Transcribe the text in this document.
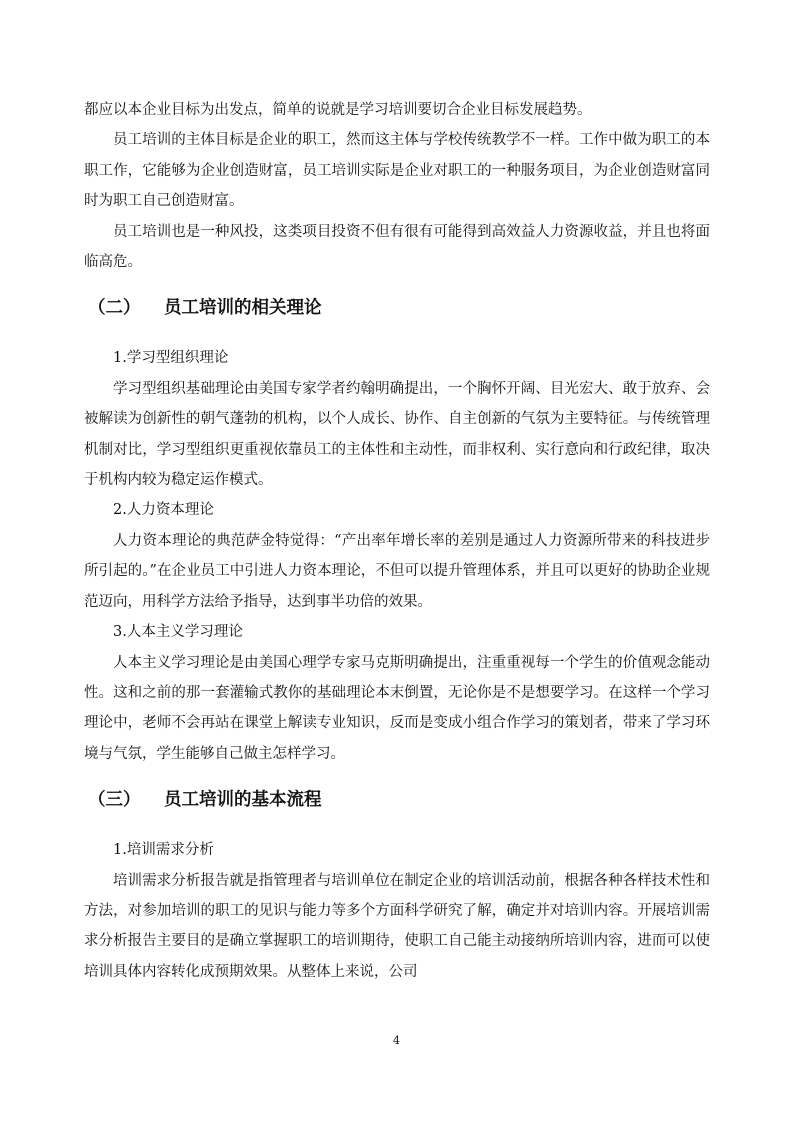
都应以本企业目标为出发点，简单的说就是学习培训要切合企业目标发展趋势。

员工培训的主体目标是企业的职工，然而这主体与学校传统教学不一样。工作中做为职工的本职工作，它能够为企业创造财富，员工培训实际是企业对职工的一种服务项目，为企业创造财富同时为职工自己创造财富。

员工培训也是一种风投，这类项目投资不但有很有可能得到高效益人力资源收益，并且也将面临高危。

（二） 员工培训的相关理论

1.学习型组织理论

学习型组织基础理论由美国专家学者约翰明确提出，一个胸怀开阔、目光宏大、敢于放弃、会被解读为创新性的朝气蓬勃的机构，以个人成长、协作、自主创新的气氛为主要特征。与传统管理机制对比，学习型组织更重视依靠员工的主体性和主动性，而非权利、实行意向和行政纪律，取决于机构内较为稳定运作模式。

2.人力资本理论

人力资本理论的典范萨金特觉得：“产出率年增长率的差别是通过人力资源所带来的科技进步所引起的。”在企业员工中引进人力资本理论，不但可以提升管理体系，并且可以更好的协助企业规范迈向，用科学方法给予指导，达到事半功倍的效果。

3.人本主义学习理论

人本主义学习理论是由美国心理学专家马克斯明确提出，注重重视每一个学生的价值观念能动性。这和之前的那一套灌输式教你的基础理论本末倒置，无论你是不是想要学习。在这样一个学习理论中，老师不会再站在课堂上解读专业知识，反而是变成小组合作学习的策划者，带来了学习环境与气氛，学生能够自己做主怎样学习。

（三） 员工培训的基本流程

1.培训需求分析

培训需求分析报告就是指管理者与培训单位在制定企业的培训活动前，根据各种各样技术性和方法，对参加培训的职工的见识与能力等多个方面科学研究了解，确定并对培训内容。开展培训需求分析报告主要目的是确立掌握职工的培训期待，使职工自己能主动接纳所培训内容，进而可以使培训具体内容转化成预期效果。从整体上来说，公司

4
